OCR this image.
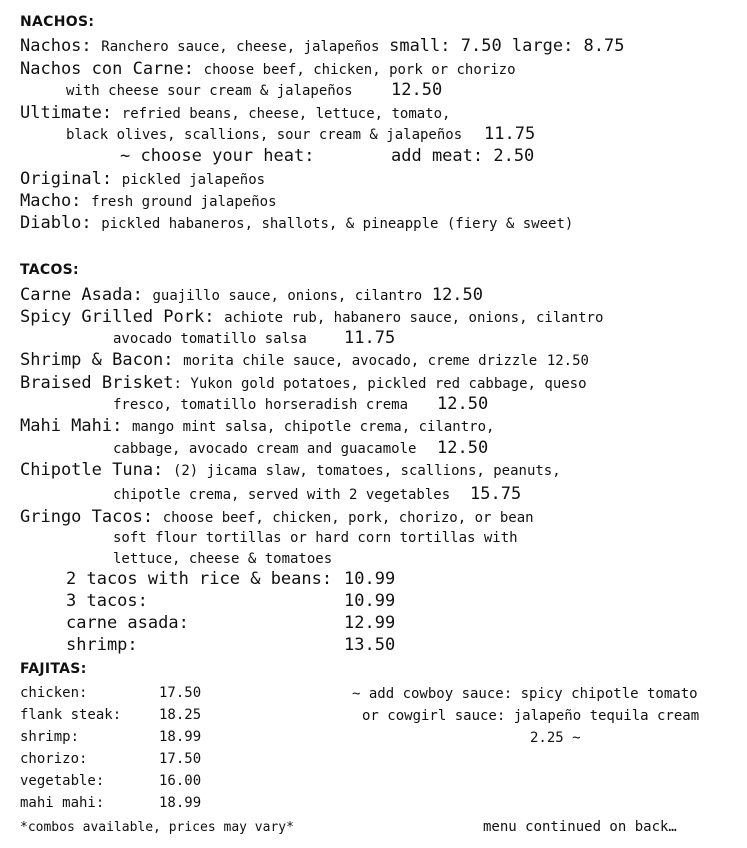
NACHOS:
Nachos: Ranchero sauce, cheese, jalapeños small: 7.50 large: 8.75
Nachos con Carne: choose beef, chicken, pork or chorizo
with cheese sour cream & jalapeños 12.50
Ultimate: refried beans, cheese, lettuce, tomato,
black olives, scallions, sour cream & jalapeños 11.75
~ choose your heat:	add meat: 2.50
Original: pickled jalapeños
Macho: fresh ground jalapeños
Diablo: pickled habaneros, shallots, & pineapple (fiery & sweet)
TACOS:
Carne Asada: guajillo sauce, onions, cilantro 12.50
Spicy Grilled Pork: achiote rub, habanero sauce, onions, cilantro
avocado tomatillo salsa 11.75
Shrimp & Bacon: morita chile sauce, avocado, creme drizzle 12.50
Braised Brisket: Yukon gold potatoes, pickled red cabbage, queso
fresco, tomatillo horseradish crema 12.50
Mahi Mahi: mango mint salsa, chipotle crema, cilantro,
cabbage, avocado cream and guacamole 12.50
Chipotle Tuna: (2) jicama slaw, tomatoes, scallions, peanuts,
chipotle crema, served with 2 vegetables 15.75
Gringo Tacos: choose beef, chicken, pork, chorizo, or bean
soft flour tortillas or hard corn tortillas with
lettuce, cheese & tomatoes
2 tacos with rice & beans: 10.99
3 tacos:	10.99
carne asada:	12.99
shrimp:	13.50
FAJITAS:
chicken:	17.50
flank steak:	18.25
shrimp:	18.99
chorizo:	17.50
vegetable:	16.00
mahi mahi:	18.99
~ add cowboy sauce: spicy chipotle tomato
or cowgirl sauce: jalapeño tequila cream
2.25 ~
*combos available, prices may vary*	menu continued on back…
